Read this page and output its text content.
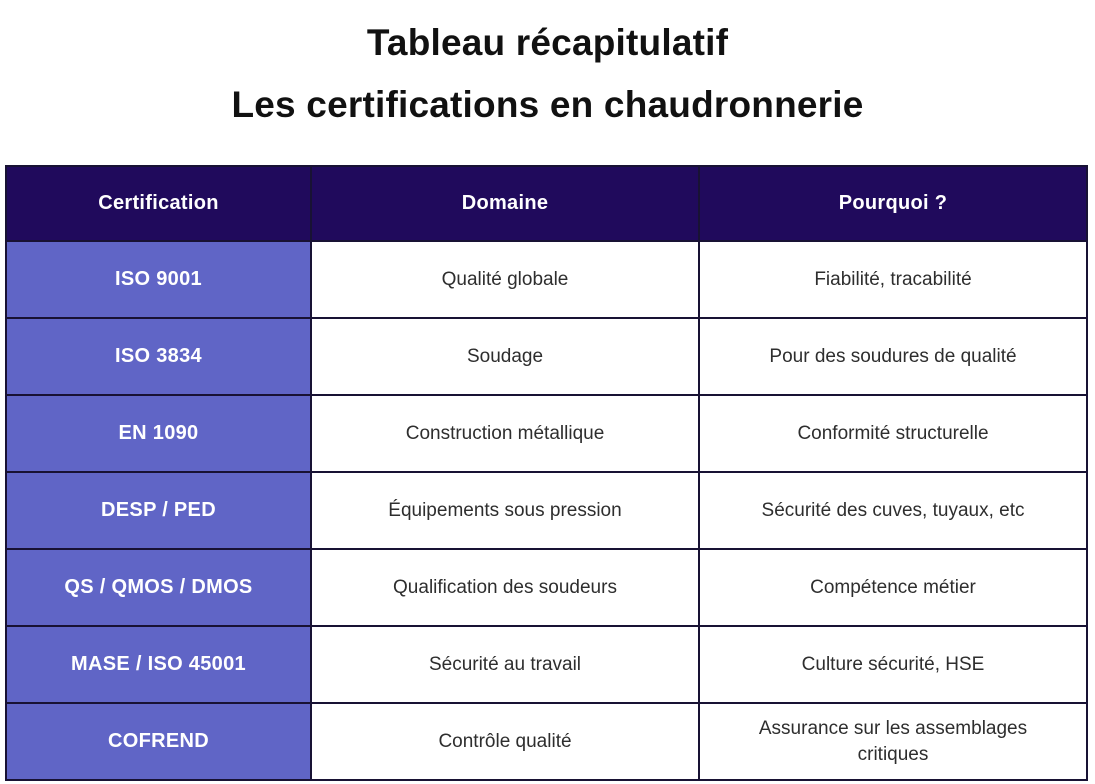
Tableau récapitulatif
Les certifications en chaudronnerie
Certification	Domaine	Pourquoi ?
ISO 9001	Qualité globale	Fiabilité, tracabilité
ISO 3834	Soudage	Pour des soudures de qualité
EN 1090	Construction métallique	Conformité structurelle
DESP / PED	Équipements sous pression	Sécurité des cuves, tuyaux, etc
QS / QMOS / DMOS	Qualification des soudeurs	Compétence métier
MASE / ISO 45001	Sécurité au travail	Culture sécurité, HSE
COFREND	Contrôle qualité	Assurance sur les assemblages critiques
